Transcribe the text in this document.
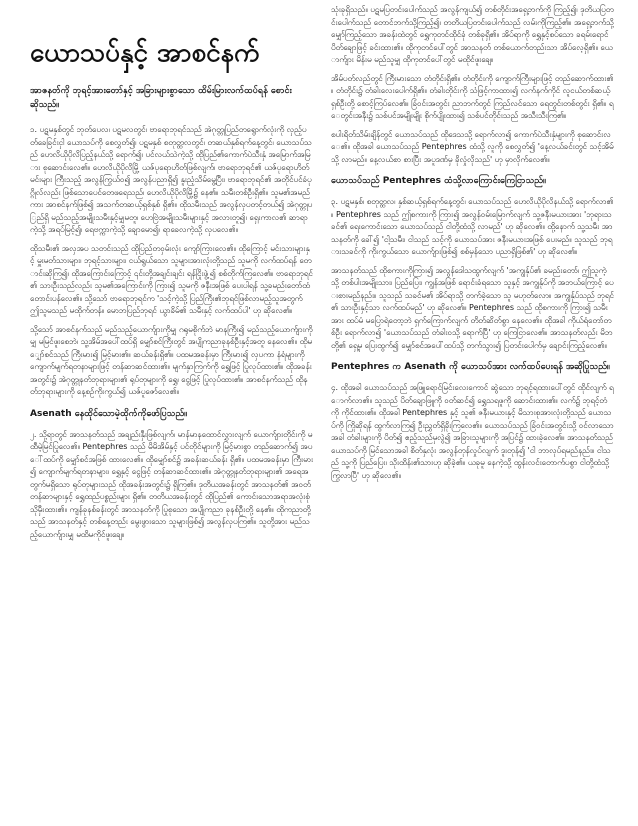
ယောသပ်နှင့် အာစင်နက်
အာဇနတ်ကို ဘုရင့်အားတော်နှင့် အခြားများစွာသော ထိမ်းမြားလက်ထပ်ရန် စောင်းဆိုသည်။

၁. ပဋမနှစ်တွင် ဘုတ်ပေလ၊ ပဋမလတွင်၊ ဗာရောဘုရင်သည် အဲဂုတ္တုပြည်တရွောက်လုံးကို လှည့်ပတ်ခေခြင်းငှါ ယောသပ်ကို စေလွှတ်၍၊ ပဋမနှစ် စတုတ္ထလတွင်၊ တဆယ်နှစ်ရက်နေ့တွင်၊ ယောသပ်သည် ဟေလိယိုပိုလိပြည့်နယ်သို့ ရောက်၍၊ ပင်လယ်သဲကဲ့သို့ ထိုပြည်၏ကောက်ပဲသီးနှံ အမြောက်အမြား စုဆောင်းလေ၏။ ဟေလိယိုပိုလိမြို့ ယဇ်ပုရောဟိတ်ဖြစ်လျက်၊ ဗာရောဘုရင်၏ ယဇ်ပုရောဟိတ်မင်းများ ကြီးသည့် အလွန်ကြွယ်ဝ၍ အလွန်ပညာရှိ၍ နူးညံ့သိမ်မွေ့ပြီး၊ ဗာရောဘုရင်၏ အတိုင်ပင်ခံပုဂ္ဂိုလ်လည်း ဖြစ်သောပေင်တေဖရေသည်၊ ဟေလိယိုပိုလိမြို့၌ နေ၏။ သမီးတစ်ဦးရှိ၏။ သူမ၏အမည်ကား အာစင်နက်ဖြစ်၍ အသက်တဆယ့်ရှစ်နှစ် ရှိ၏။ ထိုသမီးသည် အလွန်လှပတင့်တယ်၍ အဲဂုတ္တုပြည်ရှိ မည်သည့်အမျိုးသမီးနှင့်မျှမတူ၊ ဟေဗြဲအမျိုးသမီးများနှင့် အလားတူ၍၊ ရှေးကာလ၏ ဆာရာကဲ့သို့ အရပ်မြင့်၍၊ ရေဗက္ကာကဲ့သို့ ချောမော၍၊ ရာခေလကဲ့သို့ လှပလေ၏။

ထိုသမီး၏ အလှအပ သတင်းသည် ထိုပြည်တဝှမ်းလုံး ကျော်ကြားလေ၏။ ထိုကြောင့် မင်းသားများနှင့် မှူးမတ်သားများ၊ ဘုရင့်သားများ၊ ငယ်ရွယ်သော သူများအားလုံးတို့သည် သူမကို လက်ထပ်ရန် တောင်းဆိုကြ၍၊ ထိုအကြောင်းကြောင့် ၎င်းတို့အချင်းချင်း ရန်ငြိုးဖွဲ့၍ စစ်တိုက်ကြလေ၏။ ဗာရောဘုရင်၏ သားဦးသည်လည်း သူမ၏အကြောင်းကို ကြား၍ သူမကို ဇနီးအဖြစ် ပေးပါရန် သူ့ခမည်းတော်ထံ တောင်းပန်လေ၏။ သို့သော် ဗာရောဘုရင်က 'သင့်ကဲ့သို့ ပြည်ကြီး၏ဘုရင်ဖြစ်လာမည့်သူအတွက် ဤသူမသည် မထိုက်တန်။ မောဘပြည်ဘုရင် ယွာခိမ်၏ သမီးနှင့် လက်ထပ်ပါ' ဟု ဆိုလေ၏။

သို့သော် အာစင်နက်သည် မည်သည့်ယောက်ျားကိုမျှ ဂရုမစိုက်ဘဲ မာနကြီး၍ မည်သည့်ယောက်ျားကိုမျှ မမြင်ဖူးစေဘဲ၊ သူ့အိမ်အပေါ်ထပ်ရှိ မျှော်စင်ကြီးတွင် အပျိုကညာခုနစ်ဦးနှင့်အတူ နေလေ၏။ ထိုမျှော်စင်သည် ကြီးမား၍ မြင့်မား၏။ ဆယ်ခန်းရှိ၏။ ပထမအခန်းမှာ ကြီးမား၍ လှပကာ နံရံများကို ကျောက်မျက်ရတနာများဖြင့် တန်ဆာဆင်ထား၏။ မျက်နှာကြက်ကို ရွှေဖြင့် ပြုလုပ်ထား၏။ ထိုအခန်းအတွင်း၌ အဲဂုတ္တုနတ်ဘုရားများ၏ ရုပ်တုများကို ရွှေ၊ ငွေဖြင့် ပြုလုပ်ထား၏။ အာစင်နက်သည် ထိုနတ်ဘုရားများကို နေ့စဉ်ကိုးကွယ်၍ ယဇ်ပူဇော်လေ၏။

Asenath နေထိုင်သောမဲ့ထိုက်ကိုဖော်ပြသည်။

၂. သို့ရာတွင် အာသနတ်သည် အချည်းနှီးဖြစ်လျက်၊ မာန်မာနထောင်လွှားလျက် ယောက်ျားတိုင်းကို မထီမဲ့မြင်ပြုလေ၏။ Pentephres သည် မိမိအိမ်နှင့် ပင်တိုင်များကို မြင့်မားစွာ တည်ဆောက်၍ အပေါ်ထပ်ကို မျှော်စင်အဖြစ် ထားလေ၏။ ထိုမျှော်စင်၌ အခန်းဆယ်ခန်း ရှိ၏။ ပထမအခန်းမှာ ကြီးမား၍ ကျောက်မျက်ရတနာများ၊ ရွှေနှင့် ငွေဖြင့် တန်ဆာဆင်ထား၏။ အဲဂုတ္တုနတ်ဘုရားများ၏ အရေအတွက်မရှိသော ရုပ်တုများသည် ထိုအခန်းအတွင်း၌ ရှိကြ၏။ ဒုတိယအခန်းတွင် အာသနတ်၏ အဝတ်တန်ဆာများနှင့် ရွှေထည်ပစ္စည်းများ ရှိ၏။ တတိယအခန်းတွင် ထိုပြည်၏ ကောင်းသောအရာအလုံးစုံ သိုမှီးထား၏။ ကျန်ခုနစ်ခန်းတွင် အာသနတ်ကို ပြုစုသော အပျိုကညာ ခုနစ်ဦးတို့ နေ၏။ ထိုကညာတို့သည် အာသနတ်နှင့် တစ်နေ့တည်း မွေးဖွားသော သူများဖြစ်၍ အလွန်လှပကြ၏။ သူတို့အား မည်သည့်ယောက်ျားမျှ မထိမကိုင်ဖူးချေ။

သုံးခုရှိသည်။ ပဋမပြတင်းပေါက်သည် အလွန်ကျယ်၍ တစ်တိုင်းအရှေ့ဘက်ကို ကြည့်၍၊ ဒုတိယပြတင်းပေါက်သည် တောင်ဘက်သို့ကြည့်၍၊ တတိယပြတင်းပေါက်သည် လမ်းကိုကြည့်၏။ အရှေ့ဘက်သို့ မျှော်ကြည့်သော အခန်းထဲတွင် ရွှေကုတင်ထိုင်ခုံ တစ်ခုရှိ၏။ အိပ်ရာကို ရွှေနှင့်စပ်သော ခရမ်းရောင် ပိတ်ချောဖြင့် ခင်းထား၏။ ထိုကုတင်ပေါ်တွင် အာသနတ် တစ်ယောက်တည်းသာ အိပ်လေ့ရှိ၏။ ယောက်ျား မိန်းမ မည်သူမျှ ထိုကုတင်ပေါ်တွင် မထိုင်ဖူးချေ။

အိမ်ပတ်လည်တွင် ကြီးမားသော တံတိုင်းရှိ၏။ တံတိုင်းကို ကျောက်ကြီးများဖြင့် တည်ဆောက်ထား၏။ တံတိုင်း၌ တံခါးလေးပေါက်ရှိ၏။ တံခါးတိုင်းကို သံဖြင့်ကာထား၍ လက်နက်ကိုင် လူငယ်တစ်ဆယ့်ရှစ်ဦးတို့ စောင့်ကြပ်လေ၏။ ခြံဝင်းအတွင်း ညာဘက်တွင် ကြည်လင်သော ရေတွင်းတစ်တွင်း ရှိ၏။ ရေတွင်းအနီး၌ သစ်ပင်အမျိုးမျိုး စိုက်ပျိုးထား၍ သစ်ပင်တိုင်းသည် အသီးသီးကြ၏။

စပါးရိတ်သိမ်းချိန်တွင် ယောသပ်သည် ထိုဒေသသို့ ရောက်လာ၍ ကောက်ပဲသီးနှံများကို စုဆောင်းလေ၏။ ထိုအခါ ယောသပ်သည် Pentephres ထံသို့ လူကို စေလွှတ်၍ 'နေ့လယ်ခင်းတွင် သင့်အိမ်သို့ လာမည်။ နေ့လယ်စာ စားပြီး အပူဒဏ်မှ ခိုလှုံလိုသည်' ဟု မှာလိုက်လေ၏။

ယောသပ်သည် Pentephres ထံသို့လာကြောင်းကြေငြာသည်။

၃. ပဋမနှစ်၊ စတုတ္ထလ၊ နှစ်ဆယ့်ရှစ်ရက်နေ့တွင်၊ ယောသပ်သည် ဟေလိယိုပိုလိနယ်သို့ ရောက်လာ၏။ Pentephres သည် ဤစကားကို ကြား၍ အလွန်ဝမ်းမြောက်လျက် သူ့ဇနီးမယားအား 'ဘုရားသခင်၏ ရေးကောင်းသော ယောသပ်သည် ငါတို့ထံသို့ လာမည်' ဟု ဆိုလေ၏။ ထို့နောက် သူ့သမီး အာသနတ်ကို ခေါ်၍ 'ငါ့သမီး၊ ငါသည် သင့်ကို ယောသပ်အား ဇနီးမယားအဖြစ် ပေးမည်။ သူသည် ဘုရားသခင်ကို ကိုးကွယ်သော ယောက်ျားဖြစ်၍ စစ်မှန်သော ပညာရှိဖြစ်၏' ဟု ဆိုလေ၏။

အာသနတ်သည် ထိုစကားကိုကြား၍ အလွန်ဒေါသထွက်လျက် 'အကျွန်ုပ်၏ ခမည်းတော်၊ ဤသူကဲ့သို့ တစ်ပါးအမျိုးသား၊ ပြည်ပြေး၊ ကျွန်အဖြစ် ရောင်းခံရသော သူနှင့် အကျွန်ုပ်ကို အဘယ်ကြောင့် ပေးစားမည်နည်း။ သူသည် သခင်မ၏ အိပ်ရာသို့ တက်ခဲ့သော သူ မဟုတ်လော။ အကျွန်ုပ်သည် ဘုရင်၏ သားဦးနှင့်သာ လက်ထပ်မည်' ဟု ဆိုလေ၏။ Pentephres သည် ထိုစကားကို ကြား၍ သမီးအား ထပ်မံ မပြောရဲတော့ဘဲ ရှက်ကြောက်လျက် တိတ်ဆိတ်စွာ နေလေ၏။ ထိုအခါ ကိုယ်ရံတော်တစ်ဦး ရောက်လာ၍ 'ယောသပ်သည် တံခါးဝသို့ ရောက်ပြီ' ဟု ကြေငြာလေ၏။ အာသနတ်လည်း မိဘတို့၏ ရှေ့မှ ပြေးထွက်၍ မျှော်စင်အပေါ်ထပ်သို့ တက်သွား၍ ပြတင်းပေါက်မှ ချောင်းကြည့်လေ၏။

Pentephres က Asenath ကို ယောသပ်အား လက်ထပ်ပေးရန် အဆိုပြုသည်။

၄. ထိုအခါ ယောသပ်သည် အဖြူရောင်မြင်းလေးကောင် ဆွဲသော ဘုရင့်ရထားပေါ်တွင် ထိုင်လျက် ရောက်လာ၏။ သူသည် ပိတ်ချောဖြူကို ဝတ်ဆင်၍ ရွှေသရဖူကို ဆောင်းထား၏။ လက်၌ ဘုရင့်တံကို ကိုင်ထား၏။ ထိုအခါ Pentephres နှင့် သူ၏ ဇနီးမယားနှင့် မိသားစုအားလုံးတို့သည် ယောသပ်ကို ကြိုဆိုရန် ထွက်လာကြ၍ ဦးညွှတ်ရှိခိုးကြလေ၏။ ယောသပ်သည် ခြံဝင်းအတွင်းသို့ ဝင်လာသောအခါ တံခါးများကို ပိတ်၍ ဧည့်သည်မှလွဲ၍ အခြားသူများကို အပြင်၌ ထားခဲ့လေ၏။ အာသနတ်သည် ယောသပ်ကို မြင်သောအခါ စိတ်နှလုံး အလွန်တုန်လှုပ်လျက် ဒူးတုန်၍ 'ငါ ဘာလုပ်ရမည်နည်း။ ငါသည် သူ့ကို ပြည်ပြေး၊ သိုးထိန်း၏သားဟု ဆိုခဲ့၏။ ယခုမူ နေကဲ့သို့ ထွန်းလင်းတောက်ပစွာ ငါတို့ထံသို့ ကြွလာပြီ' ဟု ဆိုလေ၏။
